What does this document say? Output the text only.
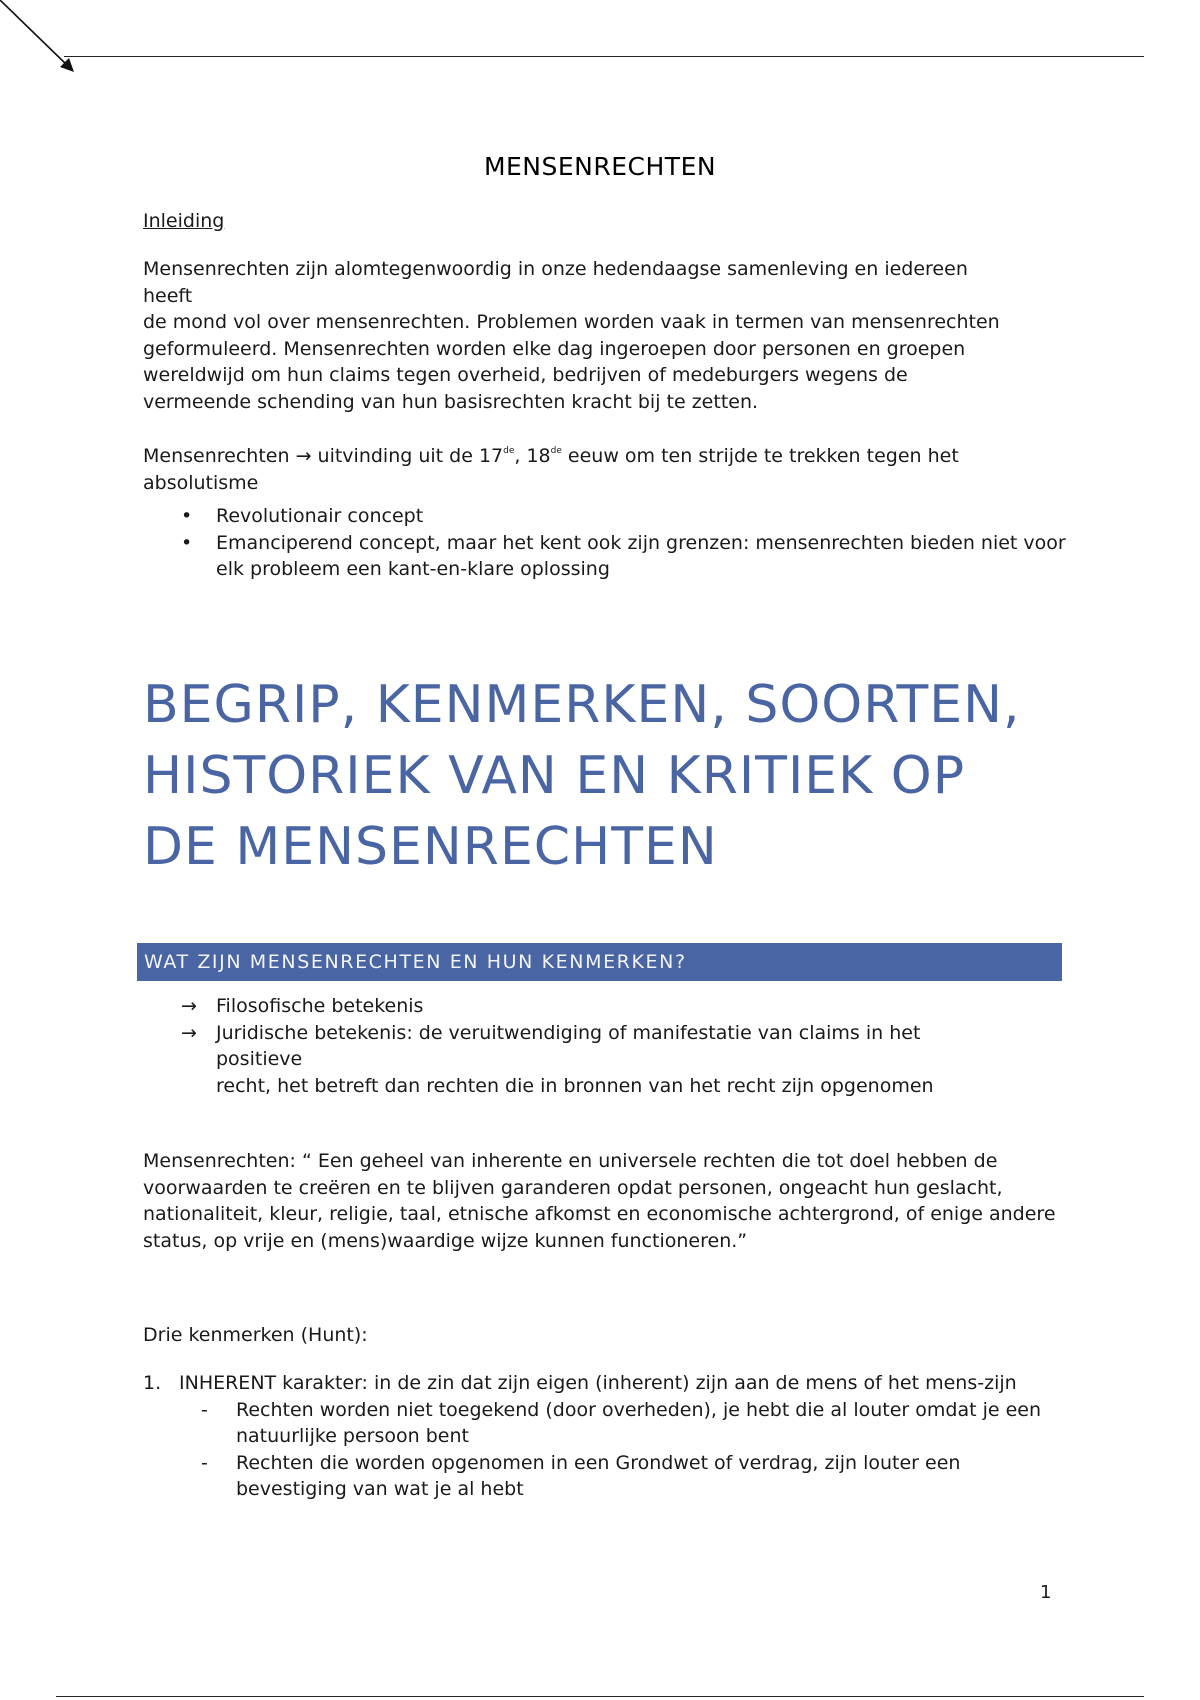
MENSENRECHTEN
Inleiding
Mensenrechten zijn alomtegenwoordig in onze hedendaagse samenleving en iedereen
heeft
de mond vol over mensenrechten. Problemen worden vaak in termen van mensenrechten
geformuleerd. Mensenrechten worden elke dag ingeroepen door personen en groepen
wereldwijd om hun claims tegen overheid, bedrijven of medeburgers wegens de
vermeende schending van hun basisrechten kracht bij te zetten.
Mensenrechten → uitvinding uit de 17de, 18de eeuw om ten strijde te trekken tegen het absolutisme
• Revolutionair concept
• Emanciperend concept, maar het kent ook zijn grenzen: mensenrechten bieden niet voor elk probleem een kant-en-klare oplossing
BEGRIP, KENMERKEN, SOORTEN,
HISTORIEK VAN EN KRITIEK OP
DE MENSENRECHTEN
WAT ZIJN MENSENRECHTEN EN HUN KENMERKEN?
→ Filosofische betekenis
→ Juridische betekenis: de veruitwendiging of manifestatie van claims in het
positieve
recht, het betreft dan rechten die in bronnen van het recht zijn opgenomen
Mensenrechten: “ Een geheel van inherente en universele rechten die tot doel hebben de voorwaarden te creëren en te blijven garanderen opdat personen, ongeacht hun geslacht, nationaliteit, kleur, religie, taal, etnische afkomst en economische achtergrond, of enige andere status, op vrije en (mens)waardige wijze kunnen functioneren.”
Drie kenmerken (Hunt):
1. INHERENT karakter: in de zin dat zijn eigen (inherent) zijn aan de mens of het mens-zijn
- Rechten worden niet toegekend (door overheden), je hebt die al louter omdat je een natuurlijke persoon bent
- Rechten die worden opgenomen in een Grondwet of verdrag, zijn louter een bevestiging van wat je al hebt
1
